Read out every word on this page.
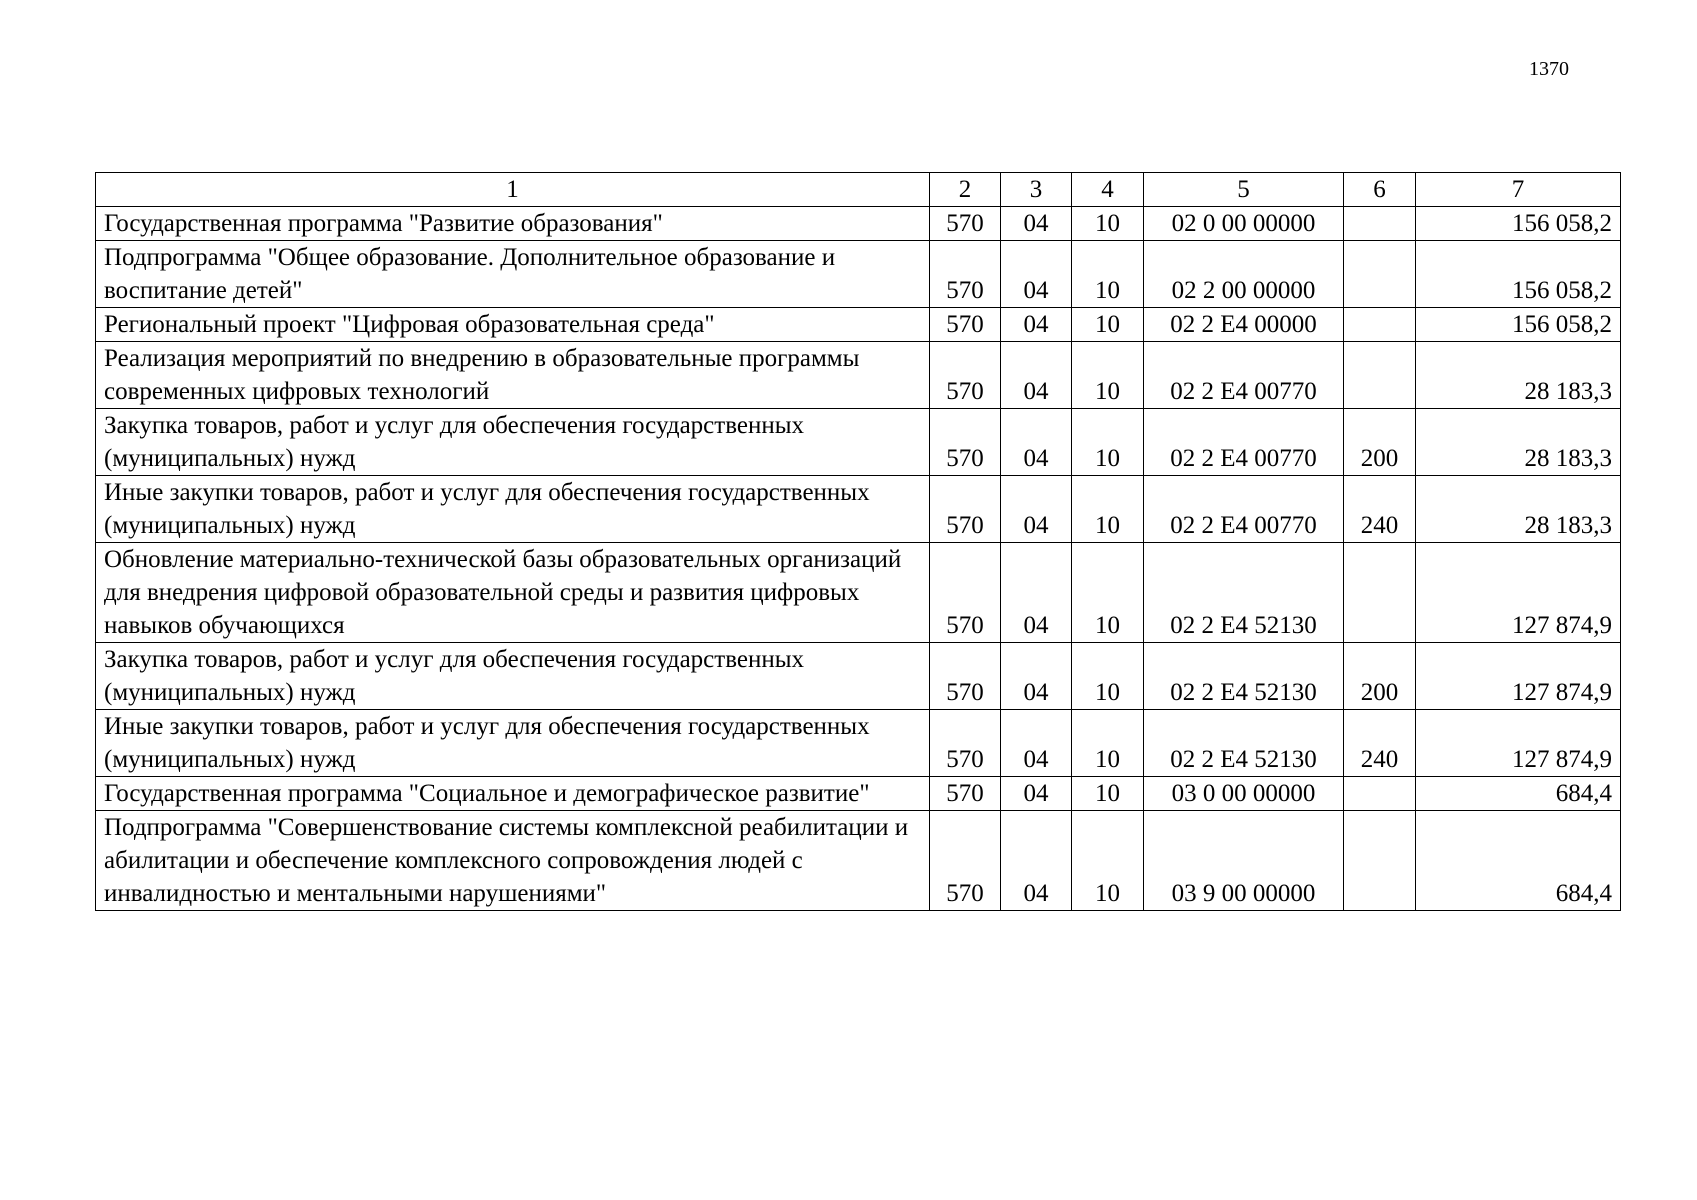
1370
1	2	3	4	5	6	7
Государственная программа "Развитие образования"	570	04	10	02 0 00 00000		156 058,2
Подпрограмма "Общее образование. Дополнительное образование и воспитание детей"	570	04	10	02 2 00 00000		156 058,2
Региональный проект "Цифровая образовательная среда"	570	04	10	02 2 Е4 00000		156 058,2
Реализация мероприятий по внедрению в образовательные программы современных цифровых технологий	570	04	10	02 2 Е4 00770		28 183,3
Закупка товаров, работ и услуг для обеспечения государственных (муниципальных) нужд	570	04	10	02 2 Е4 00770	200	28 183,3
Иные закупки товаров, работ и услуг для обеспечения государственных (муниципальных) нужд	570	04	10	02 2 Е4 00770	240	28 183,3
Обновление материально-технической базы образовательных организаций для внедрения цифровой образовательной среды и развития цифровых навыков обучающихся	570	04	10	02 2 Е4 52130		127 874,9
Закупка товаров, работ и услуг для обеспечения государственных (муниципальных) нужд	570	04	10	02 2 Е4 52130	200	127 874,9
Иные закупки товаров, работ и услуг для обеспечения государственных (муниципальных) нужд	570	04	10	02 2 Е4 52130	240	127 874,9
Государственная программа "Социальное и демографическое развитие"	570	04	10	03 0 00 00000		684,4
Подпрограмма "Совершенствование системы комплексной реабилитации и абилитации и обеспечение комплексного сопровождения людей с инвалидностью и ментальными нарушениями"	570	04	10	03 9 00 00000		684,4
